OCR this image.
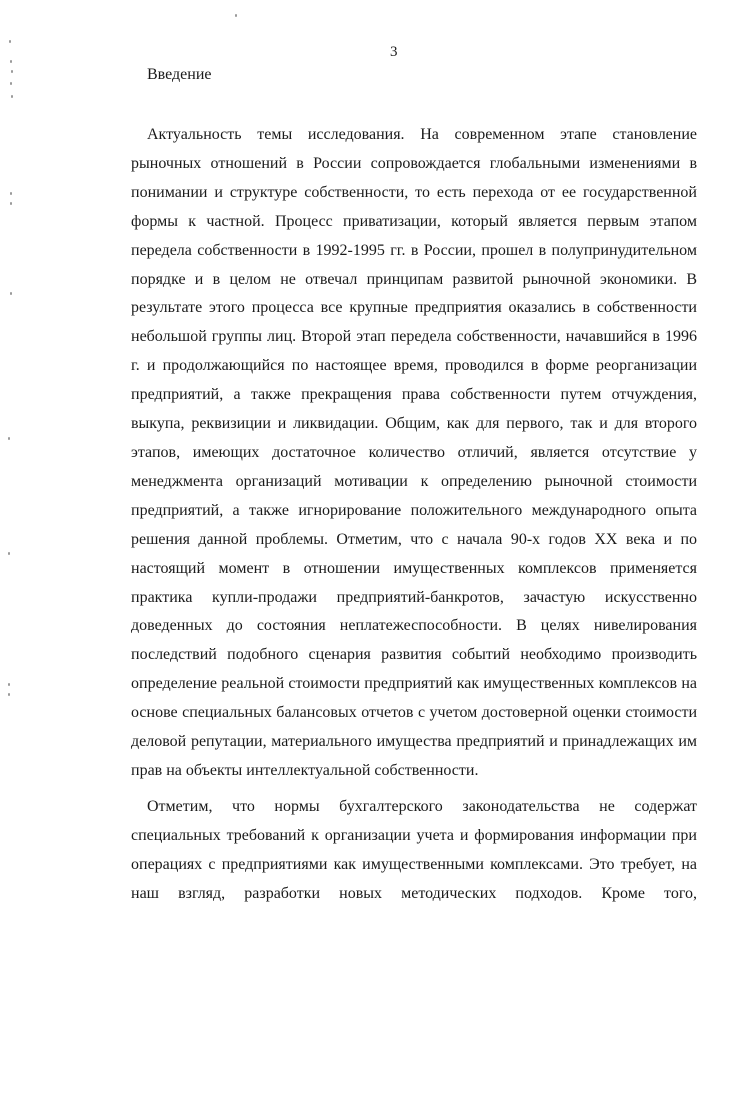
3
Введение

Актуальность темы исследования. На современном этапе становление рыночных отношений в России сопровождается глобальными изменениями в понимании и структуре собственности, то есть перехода от ее государственной формы к частной. Процесс приватизации, который является первым этапом передела собственности в 1992-1995 гг. в России, прошел в полупринудительном порядке и в целом не отвечал принципам развитой рыночной экономики. В результате этого процесса все крупные предприятия оказались в собственности небольшой группы лиц. Второй этап передела собственности, начавшийся в 1996 г. и продолжающийся по настоящее время, проводился в форме реорганизации предприятий, а также прекращения права собственности путем отчуждения, выкупа, реквизиции и ликвидации. Общим, как для первого, так и для второго этапов, имеющих достаточное количество отличий, является отсутствие у менеджмента организаций мотивации к определению рыночной стоимости предприятий, а также игнорирование положительного международного опыта решения данной проблемы. Отметим, что с начала 90-х годов XX века и по настоящий момент в отношении имущественных комплексов применяется практика купли-продажи предприятий-банкротов, зачастую искусственно доведенных до состояния неплатежеспособности. В целях нивелирования последствий подобного сценария развития событий необходимо производить определение реальной стоимости предприятий как имущественных комплексов на основе специальных балансовых отчетов с учетом достоверной оценки стоимости деловой репутации, материального имущества предприятий и принадлежащих им прав на объекты интеллектуальной собственности.

Отметим, что нормы бухгалтерского законодательства не содержат специальных требований к организации учета и формирования информации при операциях с предприятиями как имущественными комплексами. Это требует, на наш взгляд, разработки новых методических подходов. Кроме того,
